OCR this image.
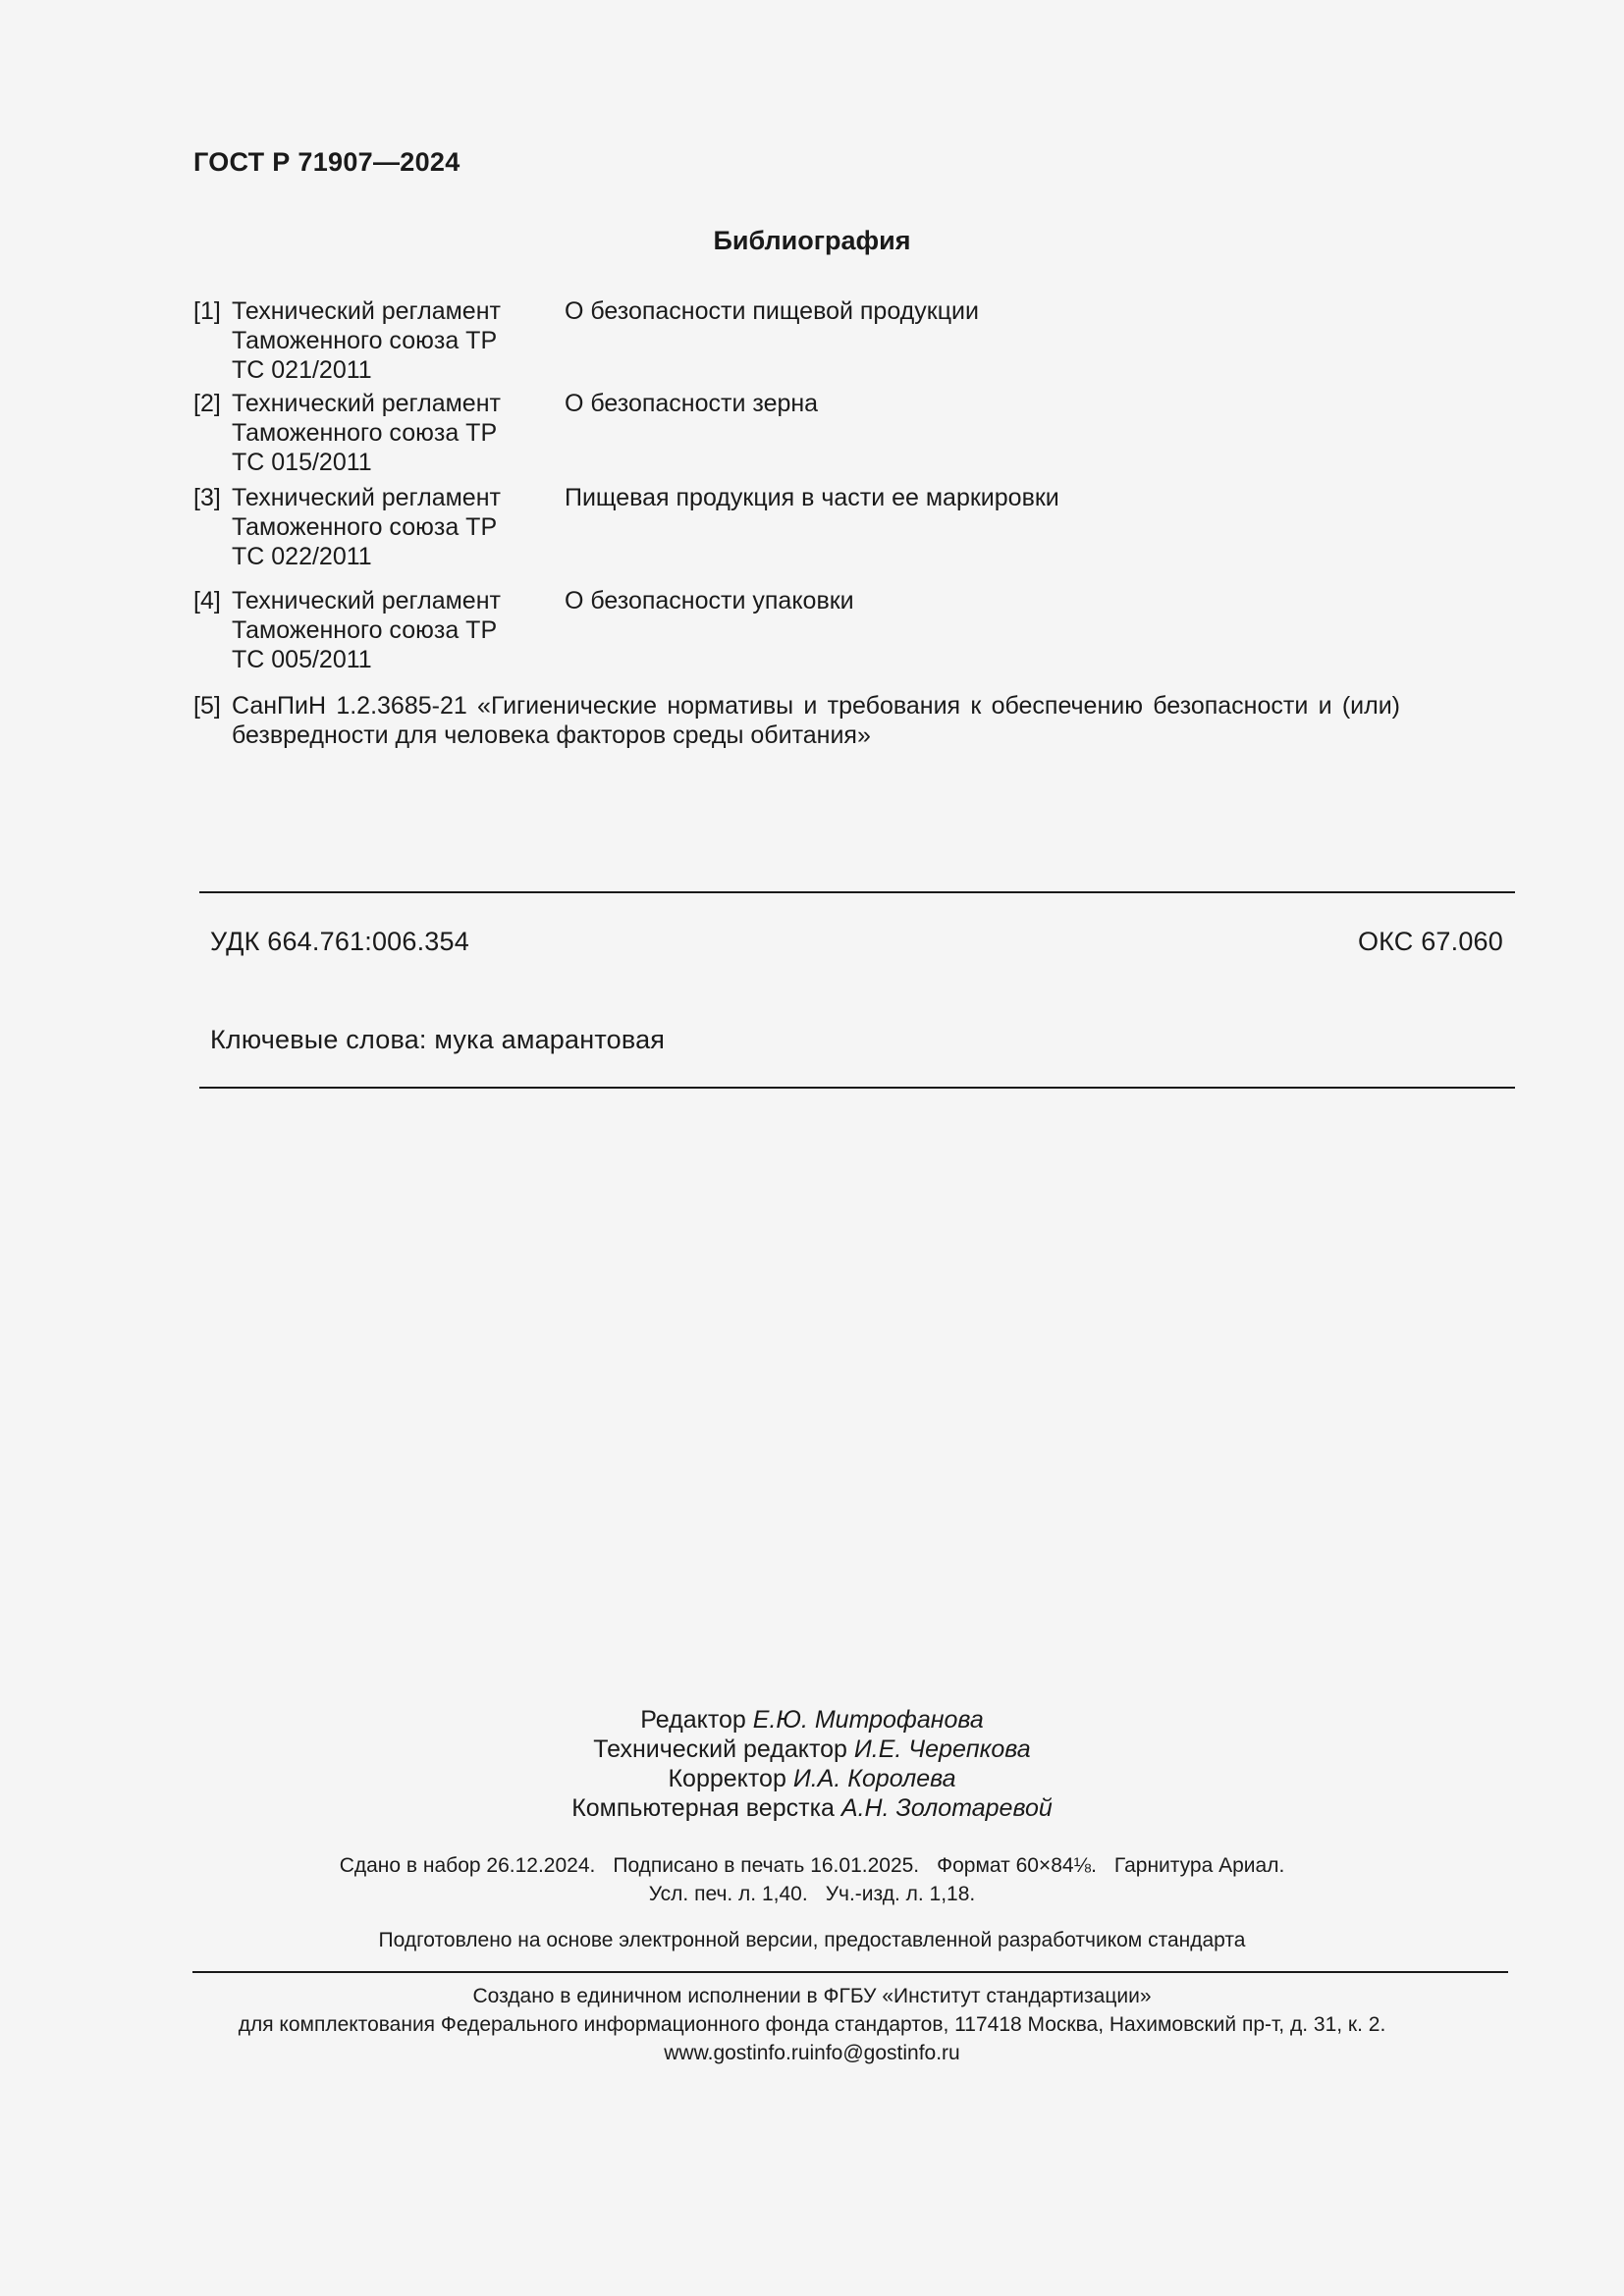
ГОСТ Р 71907—2024
Библиография
[1] Технический регламент
Таможенного союза ТР
ТС 021/2011
О безопасности пищевой продукции
[2] Технический регламент
Таможенного союза ТР
ТС 015/2011
О безопасности зерна
[3] Технический регламент
Таможенного союза ТР
ТС 022/2011
Пищевая продукция в части ее маркировки
[4] Технический регламент
Таможенного союза ТР
ТС 005/2011
О безопасности упаковки
[5] СанПиН 1.2.3685-21 «Гигиенические нормативы и требования к обеспечению безопасности и (или)
безвредности для человека факторов среды обитания»
УДК 664.761:006.354	ОКС 67.060
Ключевые слова: мука амарантовая
Редактор Е.Ю. Митрофанова
Технический редактор И.Е. Черепкова
Корректор И.А. Королева
Компьютерная верстка А.Н. Золотаревой
Сдано в набор 26.12.2024. Подписано в печать 16.01.2025. Формат 60×84⅛. Гарнитура Ариал.
Усл. печ. л. 1,40. Уч.-изд. л. 1,18.
Подготовлено на основе электронной версии, предоставленной разработчиком стандарта
Создано в единичном исполнении в ФГБУ «Институт стандартизации»
для комплектования Федерального информационного фонда стандартов, 117418 Москва, Нахимовский пр-т, д. 31, к. 2.
www.gostinfo.ruinfo@gostinfo.ru
